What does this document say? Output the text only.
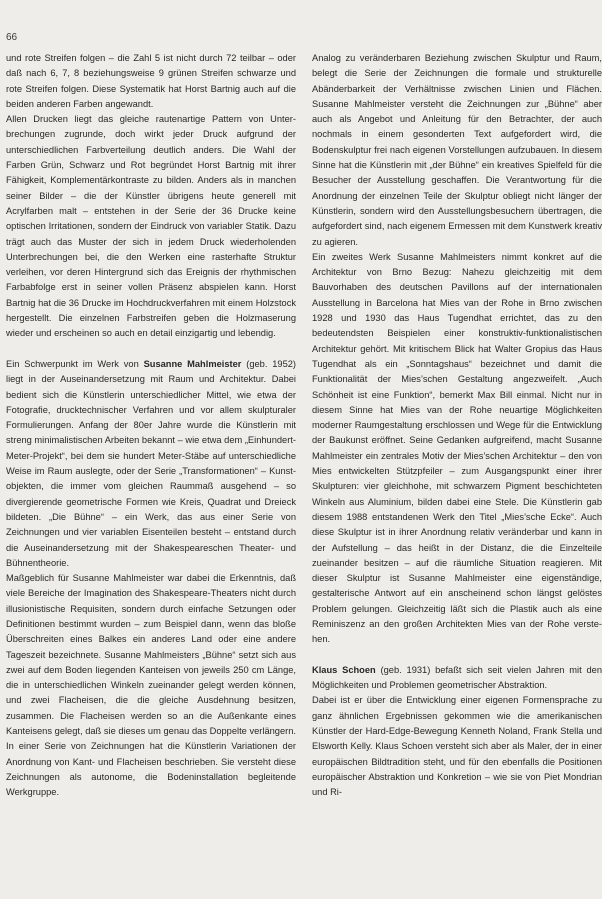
66

und rote Streifen folgen – die Zahl 5 ist nicht durch 72 teilbar – oder daß nach 6, 7, 8 beziehungsweise 9 grünen Streifen schwarze und rote Streifen folgen. Diese Systematik hat Horst Bartnig auch auf die beiden anderen Farben angewandt.

Allen Drucken liegt das gleiche rautenartige Pattern von Unterbrechungen zugrunde, doch wirkt jeder Druck aufgrund der unterschiedlichen Farbverteilung deutlich anders. Die Wahl der Farben Grün, Schwarz und Rot begründet Horst Bartnig mit ihrer Fähigkeit, Komplementärkontraste zu bilden. Anders als in manchen seiner Bilder – die der Künstler übrigens heute generell mit Acrylfarben malt – entstehen in der Serie der 36 Drucke keine optischen Irritationen, sondern der Eindruck von variabler Statik. Dazu trägt auch das Muster der sich in jedem Druck wiederholenden Unterbrechungen bei, die den Werken eine rasterhafte Struktur verleihen, vor deren Hintergrund sich das Ereignis der rhythmischen Farbabfolge erst in seiner vollen Präsenz abspielen kann. Horst Bartnig hat die 36 Drucke im Hochdruckverfahren mit einem Holzstock hergestellt. Die einzelnen Farbstreifen geben die Holzmaserung wieder und erscheinen so auch en detail einzigartig und lebendig.

Ein Schwerpunkt im Werk von Susanne Mahlmeister (geb. 1952) liegt in der Auseinandersetzung mit Raum und Architektur. Dabei bedient sich die Künstlerin unterschiedlicher Mittel, wie etwa der Fotografie, drucktechnischer Verfahren und vor allem skulpturaler Formulierungen. Anfang der 80er Jahre wurde die Künstlerin mit streng minimalistischen Arbeiten bekannt – wie etwa dem „Einhundert-Meter-Projekt“, bei dem sie hundert Meter-Stäbe auf unterschiedliche Weise im Raum auslegte, oder der Serie „Transformationen“ – Kunstobjekten, die immer vom gleichen Raummaß ausgehend – so divergierende geometrische Formen wie Kreis, Quadrat und Dreieck bildeten. „Die Bühne“ – ein Werk, das aus einer Serie von Zeichnungen und vier variablen Eisenteilen besteht – entstand durch die Auseinandersetzung mit der Shakespeareschen Theater- und Bühnentheorie.

Maßgeblich für Susanne Mahlmeister war dabei die Erkenntnis, daß viele Bereiche der Imagination des Shakespeare-Theaters nicht durch illusionistische Requisiten, sondern durch einfache Setzungen oder Definitionen bestimmt wurden – zum Beispiel dann, wenn das bloße Überschreiten eines Balkes ein anderes Land oder eine andere Tageszeit bezeichnete. Susanne Mahlmeisters „Bühne“ setzt sich aus zwei auf dem Boden liegenden Kanteisen von jeweils 250 cm Länge, die in unterschiedlichen Winkeln zueinander gelegt werden können, und zwei Flacheisen, die die gleiche Ausdehnung besitzen, zusammen. Die Flacheisen werden so an die Außenkante eines Kanteisens gelegt, daß sie dieses um genau das Doppelte verlängern. In einer Serie von Zeichnungen hat die Künstlerin Variationen der Anordnung von Kant- und Flacheisen beschrieben. Sie versteht diese Zeichnungen als autonome, die Bodeninstallation begleitende Werkgruppe.

Analog zu veränderbaren Beziehung zwischen Skulptur und Raum, belegt die Serie der Zeichnungen die formale und strukturelle Abänderbarkeit der Verhältnisse zwischen Linien und Flächen. Susanne Mahlmeister versteht die Zeichnungen zur „Bühne“ aber auch als Angebot und Anleitung für den Betrachter, der auch nochmals in einem gesonderten Text aufgefordert wird, die Bodenskulptur frei nach eigenen Vorstellungen aufzubauen. In diesem Sinne hat die Künstlerin mit „der Bühne“ ein kreatives Spielfeld für die Besucher der Ausstellung geschaffen. Die Verantwortung für die Anordnung der einzelnen Teile der Skulptur obliegt nicht länger der Künstlerin, sondern wird den Ausstellungsbesuchern übertragen, die aufgefordert sind, nach eigenem Ermessen mit dem Kunstwerk kreativ zu agieren.

Ein zweites Werk Susanne Mahlmeisters nimmt konkret auf die Architektur von Brno Bezug: Nahezu gleichzeitig mit dem Bauvorhaben des deutschen Pavillons auf der internationalen Ausstellung in Barcelona hat Mies van der Rohe in Brno zwischen 1928 und 1930 das Haus Tugendhat errichtet, das zu den bedeutendsten Beispielen einer konstruktiv-funktionalistischen Architektur gehört. Mit kritischem Blick hat Walter Gropius das Haus Tugendhat als ein „Sonntagshaus“ bezeichnet und damit die Funktionalität der Mies’schen Gestaltung angezweifelt. „Auch Schönheit ist eine Funktion“, bemerkt Max Bill einmal. Nicht nur in diesem Sinne hat Mies van der Rohe neuartige Möglichkeiten moderner Raumgestaltung erschlossen und Wege für die Entwicklung der Baukunst eröffnet. Seine Gedanken aufgreifend, macht Susanne Mahlmeister ein zentrales Motiv der Mies’schen Architektur – den von Mies entwickelten Stützpfeiler – zum Ausgangspunkt einer ihrer Skulpturen: vier gleichhohe, mit schwarzem Pigment beschichteten Winkeln aus Aluminium, bilden dabei eine Stele. Die Künstlerin gab diesem 1988 entstandenen Werk den Titel „Mies’sche Ecke“. Auch diese Skulptur ist in ihrer Anordnung relativ veränderbar und kann in der Aufstellung – das heißt in der Distanz, die die Einzelteile zueinander besitzen – auf die räumliche Situation reagieren. Mit dieser Skulptur ist Susanne Mahlmeister eine eigenständige, gestalterische Antwort auf ein anscheinend schon längst gelöstes Problem gelungen. Gleichzeitig läßt sich die Plastik auch als eine Reminiszenz an den großen Architekten Mies van der Rohe verstehen.

Klaus Schoen (geb. 1931) befaßt sich seit vielen Jahren mit den Möglichkeiten und Problemen geometrischer Abstraktion.

Dabei ist er über die Entwicklung einer eigenen Formensprache zu ganz ähnlichen Ergebnissen gekommen wie die amerikanischen Künstler der Hard-Edge-Bewegung Kenneth Noland, Frank Stella und Elsworth Kelly. Klaus Schoen versteht sich aber als Maler, der in einer europäischen Bildtradition steht, und für den ebenfalls die Positionen europäischer Abstraktion und Konkretion – wie sie von Piet Mondrian und Ri-
